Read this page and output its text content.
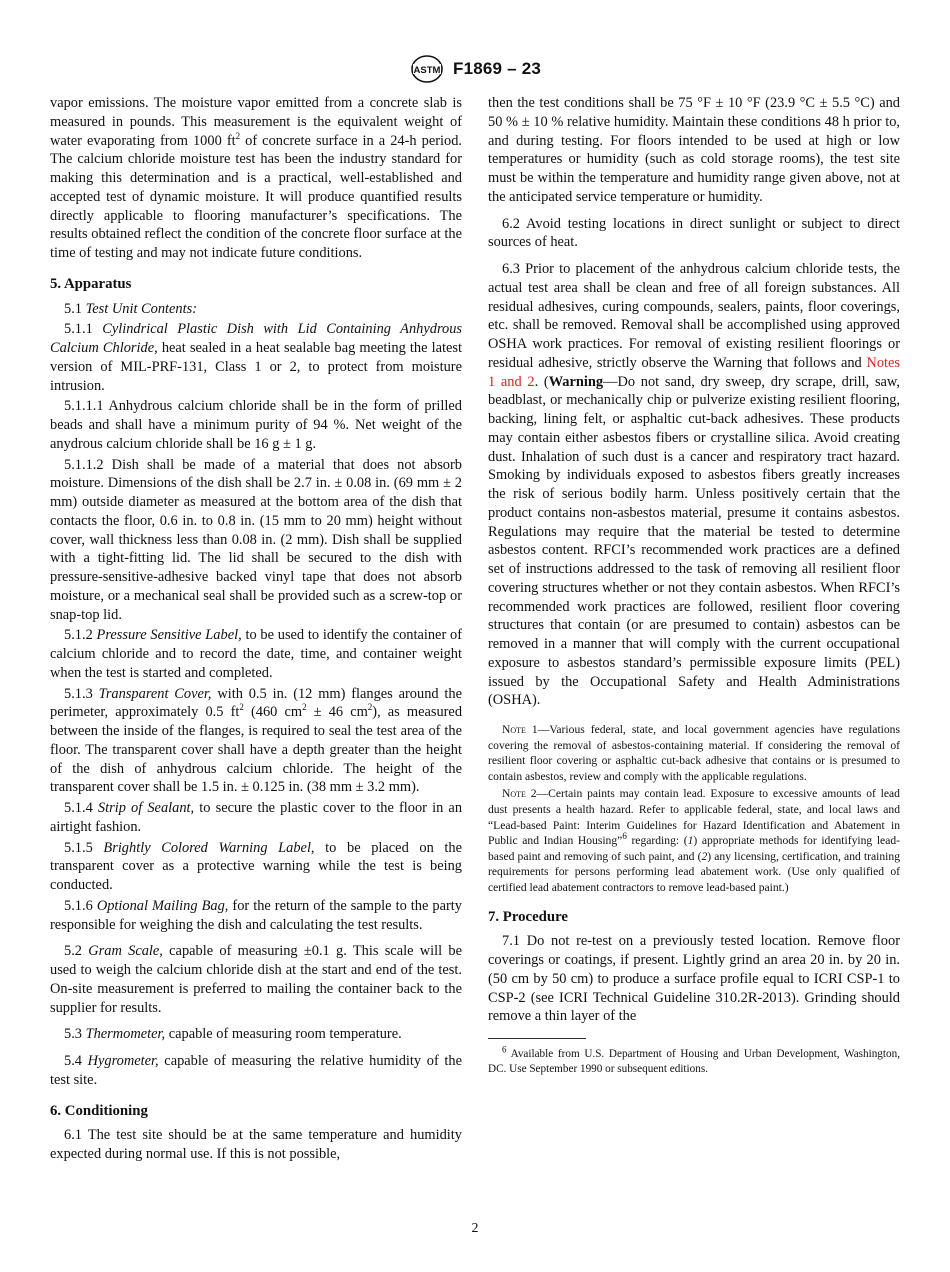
ASTM F1869 – 23

vapor emissions. The moisture vapor emitted from a concrete slab is measured in pounds. This measurement is the equivalent weight of water evaporating from 1000 $ft^2$ of concrete surface in a 24-h period. The calcium chloride moisture test has been the industry standard for making this determination and is a practical, well-established and accepted test of dynamic moisture. It will produce quantified results directly applicable to flooring manufacturer’s specifications. The results obtained reflect the condition of the concrete floor surface at the time of testing and may not indicate future conditions.

5. Apparatus

5.1 Test Unit Contents:

5.1.1 Cylindrical Plastic Dish with Lid Containing Anhydrous Calcium Chloride, heat sealed in a heat sealable bag meeting the latest version of MIL-PRF-131, Class 1 or 2, to protect from moisture intrusion.

5.1.1.1 Anhydrous calcium chloride shall be in the form of prilled beads and shall have a minimum purity of 94 %. Net weight of the anydrous calcium chloride shall be 16 g ± 1 g.

5.1.1.2 Dish shall be made of a material that does not absorb moisture. Dimensions of the dish shall be 2.7 in. ± 0.08 in. (69 mm ± 2 mm) outside diameter as measured at the bottom area of the dish that contacts the floor, 0.6 in. to 0.8 in. (15 mm to 20 mm) height without cover, wall thickness less than 0.08 in. (2 mm). Dish shall be supplied with a tight-fitting lid. The lid shall be secured to the dish with pressure-sensitive-adhesive backed vinyl tape that does not absorb moisture, or a mechanical seal shall be provided such as a screw-top or snap-top lid.

5.1.2 Pressure Sensitive Label, to be used to identify the container of calcium chloride and to record the date, time, and container weight when the test is started and completed.

5.1.3 Transparent Cover, with 0.5 in. (12 mm) flanges around the perimeter, approximately 0.5 $ft^2$ (460 $cm^2 \pm 46$ $cm^2$), as measured between the inside of the flanges, is required to seal the test area of the floor. The transparent cover shall have a depth greater than the height of the dish of anhydrous calcium chloride. The height of the transparent cover shall be 1.5 in. ± 0.125 in. (38 mm ± 3.2 mm).

5.1.4 Strip of Sealant, to secure the plastic cover to the floor in an airtight fashion.

5.1.5 Brightly Colored Warning Label, to be placed on the transparent cover as a protective warning while the test is being conducted.

5.1.6 Optional Mailing Bag, for the return of the sample to the party responsible for weighing the dish and calculating the test results.

5.2 Gram Scale, capable of measuring ±0.1 g. This scale will be used to weigh the calcium chloride dish at the start and end of the test. On-site measurement is preferred to mailing the container back to the supplier for results.

5.3 Thermometer, capable of measuring room temperature.

5.4 Hygrometer, capable of measuring the relative humidity of the test site.

6. Conditioning

6.1 The test site should be at the same temperature and humidity expected during normal use. If this is not possible,

then the test conditions shall be 75 °F ± 10 °F (23.9 °C ± 5.5 °C) and 50 % ± 10 % relative humidity. Maintain these conditions 48 h prior to, and during testing. For floors intended to be used at high or low temperatures or humidity (such as cold storage rooms), the test site must be within the temperature and humidity range given above, not at the anticipated service temperature or humidity.

6.2 Avoid testing locations in direct sunlight or subject to direct sources of heat.

6.3 Prior to placement of the anhydrous calcium chloride tests, the actual test area shall be clean and free of all foreign substances. All residual adhesives, curing compounds, sealers, paints, floor coverings, etc. shall be removed. Removal shall be accomplished using approved OSHA work practices. For removal of existing resilient floorings or residual adhesive, strictly observe the Warning that follows and Notes 1 and 2. (Warning—Do not sand, dry sweep, dry scrape, drill, saw, beadblast, or mechanically chip or pulverize existing resilient flooring, backing, lining felt, or asphaltic cut-back adhesives. These products may contain either asbestos fibers or crystalline silica. Avoid creating dust. Inhalation of such dust is a cancer and respiratory tract hazard. Smoking by individuals exposed to asbestos fibers greatly increases the risk of serious bodily harm. Unless positively certain that the product contains non-asbestos material, presume it contains asbestos. Regulations may require that the material be tested to determine asbestos content. RFCI’s recommended work practices are a defined set of instructions addressed to the task of removing all resilient floor covering structures whether or not they contain asbestos. When RFCI’s recommended work practices are followed, resilient floor covering structures that contain (or are presumed to contain) asbestos can be removed in a manner that will comply with the current occupational exposure to asbestos standard’s permissible exposure limits (PEL) issued by the Occupational Safety and Health Administrations (OSHA).

Note 1—Various federal, state, and local government agencies have regulations covering the removal of asbestos-containing material. If considering the removal of resilient floor covering or asphaltic cut-back adhesive that contains or is presumed to contain asbestos, review and comply with the applicable regulations.

Note 2—Certain paints may contain lead. Exposure to excessive amounts of lead dust presents a health hazard. Refer to applicable federal, state, and local laws and “Lead-based Paint: Interim Guidelines for Hazard Identification and Abatement in Public and Indian Housing”$^6$ regarding: (1) appropriate methods for identifying lead-based paint and removing of such paint, and (2) any licensing, certification, and training requirements for persons performing lead abatement work. (Use only qualified of certified lead abatement contractors to remove lead-based paint.)

7. Procedure

7.1 Do not re-test on a previously tested location. Remove floor coverings or coatings, if present. Lightly grind an area 20 in. by 20 in. (50 cm by 50 cm) to produce a surface profile equal to ICRI CSP-1 to CSP-2 (see ICRI Technical Guideline 310.2R-2013). Grinding should remove a thin layer of the

$^6$ Available from U.S. Department of Housing and Urban Development, Washington, DC. Use September 1990 or subsequent editions.

2
